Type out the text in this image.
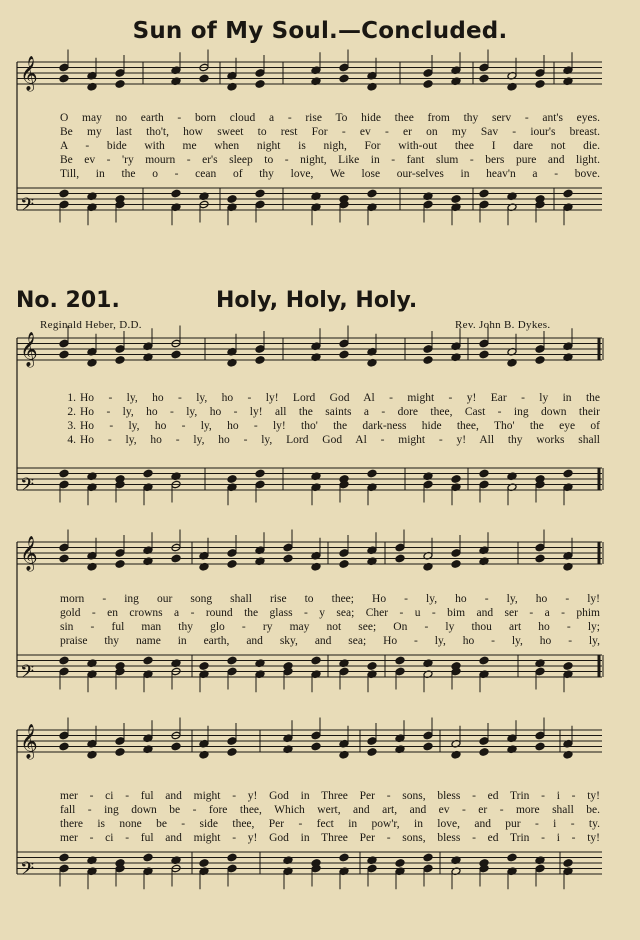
𝄞
𝄢
𝄞
𝄢
𝄞
𝄢
𝄞
𝄢
Sun of My Soul.—Concluded.
No. 201.	Holy, Holy, Holy.
Reginald Heber, D.D.	Rev. John B. Dykes.
O may no earth - born cloud a - rise To hide thee from thy serv - ant's eyes.
Be my last tho't, how sweet to rest For - ev - er on my Sav - iour's breast.
A - bide with me when night is nigh, For with-out thee I dare not die.
Be ev - 'ry mourn - er's sleep to - night, Like in - fant slum - bers pure and light.
Till, in the o - cean of thy love, We lose our-selves in heav'n a - bove.
1. Ho - ly, ho - ly, ho - ly! Lord God Al - might - y! Ear - ly in the
2. Ho - ly, ho - ly, ho - ly! all the saints a - dore thee, Cast - ing down their
3. Ho - ly, ho - ly, ho - ly! tho' the dark-ness hide thee, Tho' the eye of
4. Ho - ly, ho - ly, ho - ly, Lord God Al - might - y! All thy works shall
morn - ing our song shall rise to thee; Ho - ly, ho - ly, ho - ly!
gold - en crowns a - round the glass - y sea; Cher - u - bim and ser - a - phim
sin - ful man thy glo - ry may not see; On - ly thou art ho - ly;
praise thy name in earth, and sky, and sea; Ho - ly, ho - ly, ho - ly,
mer - ci - ful and might - y! God in Three Per - sons, bless - ed Trin - i - ty!
fall - ing down be - fore thee, Which wert, and art, and ev - er - more shall be.
there is none be - side thee, Per - fect in pow'r, in love, and pur - i - ty.
mer - ci - ful and might - y! God in Three Per - sons, bless - ed Trin - i - ty!
